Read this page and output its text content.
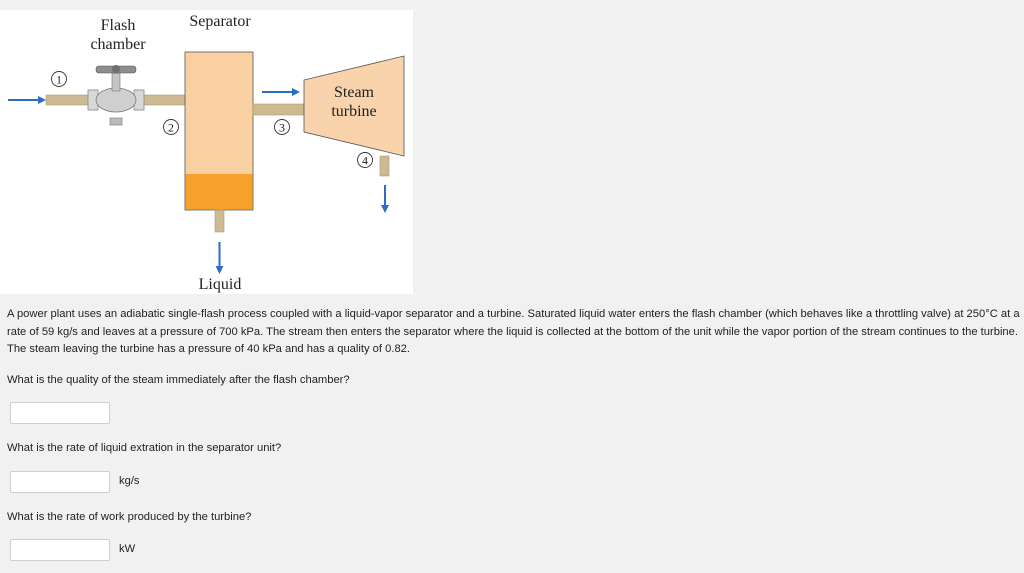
1
2	3
4
Flash
chamber
Separator
Steam
turbine
Liquid
A power plant uses an adiabatic single-flash process coupled with a liquid-vapor separator and a turbine. Saturated liquid water enters the flash chamber (which behaves like a throttling valve) at 250°C at a rate of 59 kg/s and leaves at a pressure of 700 kPa. The stream then enters the separator where the liquid is collected at the bottom of the unit while the vapor portion of the stream continues to the turbine. The steam leaving the turbine has a pressure of 40 kPa and has a quality of 0.82.
What is the quality of the steam immediately after the flash chamber?
What is the rate of liquid extration in the separator unit?
kg/s
What is the rate of work produced by the turbine?
kW
